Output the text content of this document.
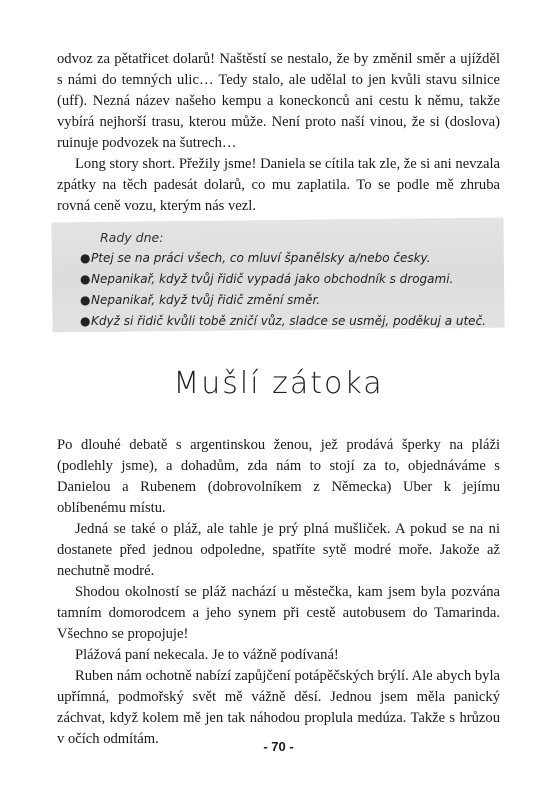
odvoz za pětatřicet dolarů! Naštěstí se nestalo, že by změnil směr a ujížděl s námi do temných ulic… Tedy stalo, ale udělal to jen kvůli stavu silnice (uff). Nezná název našeho kempu a koneckonců ani cestu k němu, takže vybírá nejhorší trasu, kterou může. Není proto naší vinou, že si (doslova) ruinuje podvozek na šutrech…

Long story short. Přežily jsme! Daniela se cítila tak zle, že si ani nevzala zpátky na těch padesát dolarů, co mu zaplatila. To se podle mě zhruba rovná ceně vozu, kterým nás vezl.

Rady dne:
●Ptej se na práci všech, co mluví španělsky a/nebo česky.
●Nepanikař, když tvůj řidič vypadá jako obchodník s drogami.
●Nepanikař, když tvůj řidič změní směr.
●Když si řidič kvůli tobě zničí vůz, sladce se usměj, poděkuj a uteč.
Mušlí zátoka

Po dlouhé debatě s argentinskou ženou, jež prodává šperky na pláži (podlehly jsme), a dohadům, zda nám to stojí za to, objednáváme s Danielou a Rubenem (dobrovolníkem z Německa) Uber k jejímu oblíbenému místu.

Jedná se také o pláž, ale tahle je prý plná mušliček. A pokud se na ni dostanete před jednou odpoledne, spatříte sytě modré moře. Jakože až nechutně modré.

Shodou okolností se pláž nachází u městečka, kam jsem byla pozvána tamním domorodcem a jeho synem při cestě autobusem do Tamarinda. Všechno se propojuje!

Plážová paní nekecala. Je to vážně podívaná!

Ruben nám ochotně nabízí zapůjčení potápěčských brýlí. Ale abych byla upřímná, podmořský svět mě vážně děsí. Jednou jsem měla panický záchvat, když kolem mě jen tak náhodou proplula medúza. Takže s hrůzou v očích odmítám.	- 70 -
